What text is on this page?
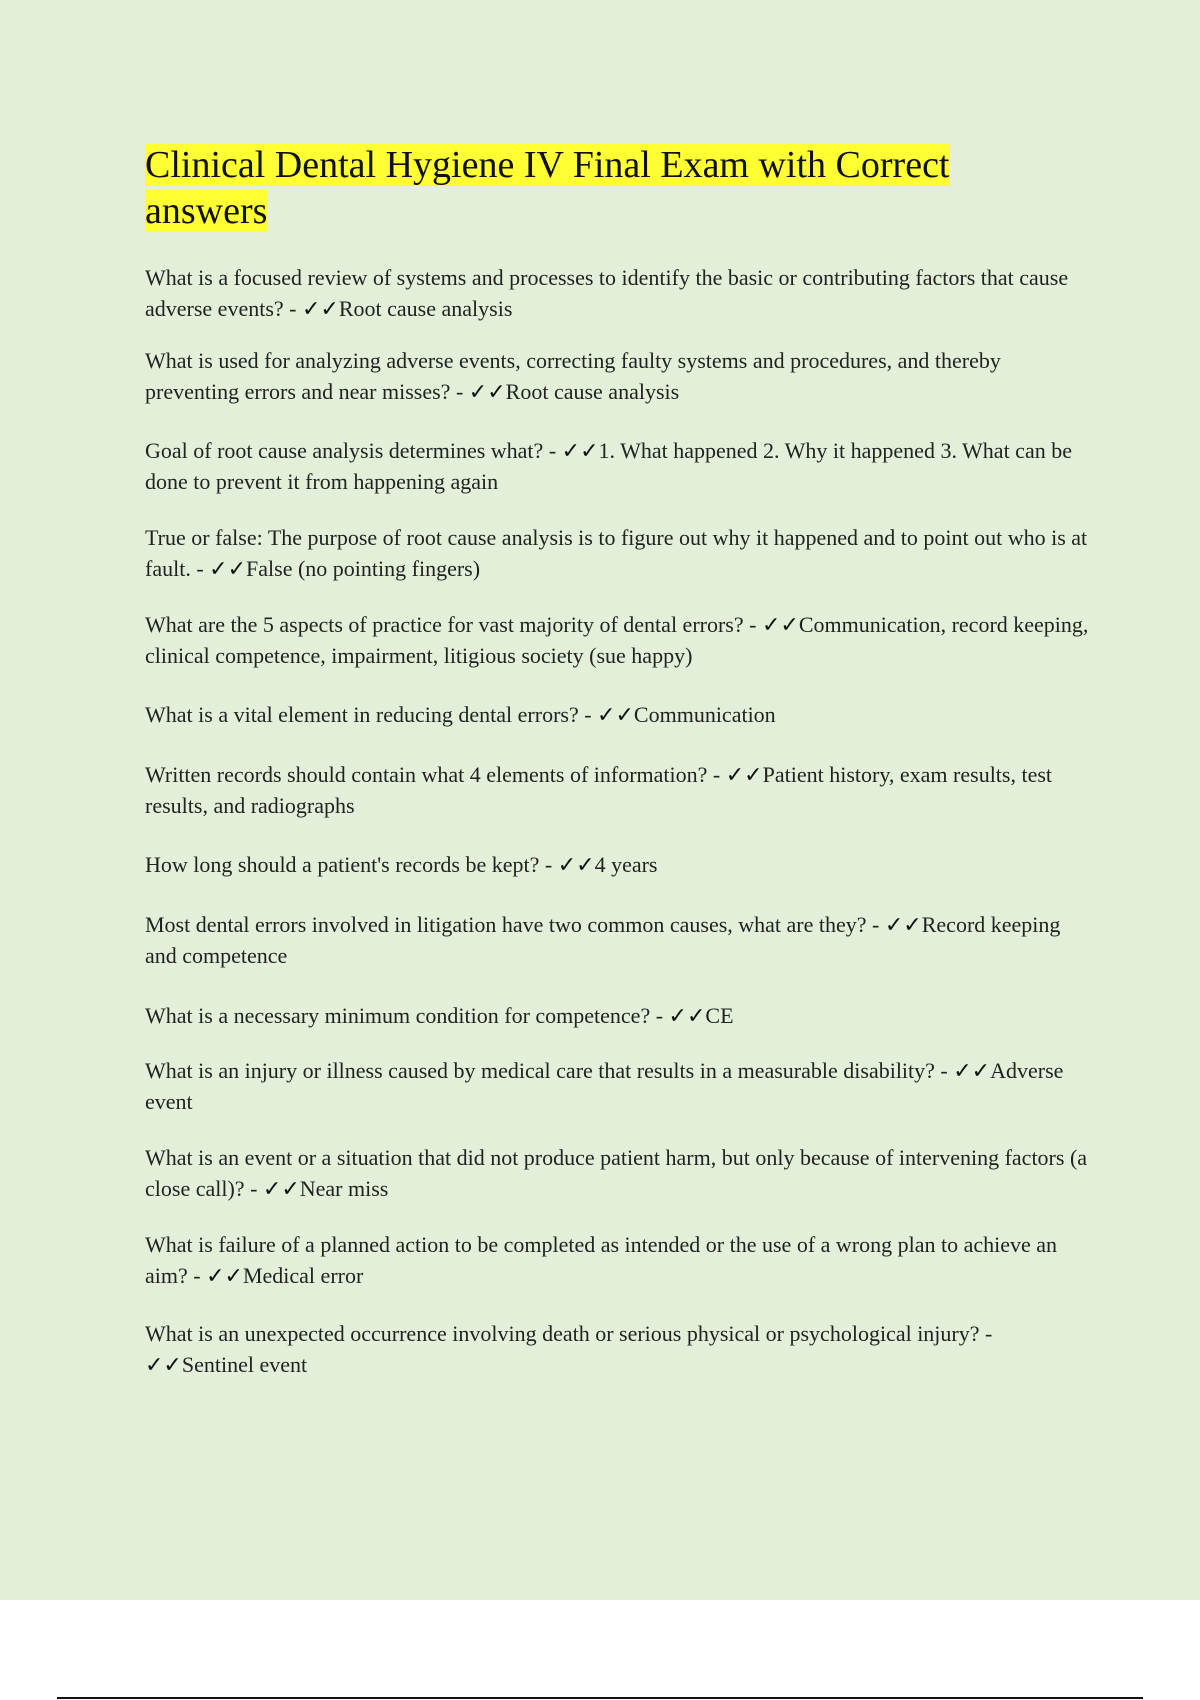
Clinical Dental Hygiene IV Final Exam with Correct answers

What is a focused review of systems and processes to identify the basic or contributing factors that cause adverse events? - ✓✓Root cause analysis

What is used for analyzing adverse events, correcting faulty systems and procedures, and thereby preventing errors and near misses? - ✓✓Root cause analysis

Goal of root cause analysis determines what? - ✓✓1. What happened 2. Why it happened 3. What can be done to prevent it from happening again

True or false: The purpose of root cause analysis is to figure out why it happened and to point out who is at fault. - ✓✓False (no pointing fingers)

What are the 5 aspects of practice for vast majority of dental errors? - ✓✓Communication, record keeping, clinical competence, impairment, litigious society (sue happy)

What is a vital element in reducing dental errors? - ✓✓Communication

Written records should contain what 4 elements of information? - ✓✓Patient history, exam results, test results, and radiographs

How long should a patient's records be kept? - ✓✓4 years

Most dental errors involved in litigation have two common causes, what are they? - ✓✓Record keeping and competence

What is a necessary minimum condition for competence? - ✓✓CE

What is an injury or illness caused by medical care that results in a measurable disability? - ✓✓Adverse event

What is an event or a situation that did not produce patient harm, but only because of intervening factors (a close call)? - ✓✓Near miss

What is failure of a planned action to be completed as intended or the use of a wrong plan to achieve an aim? - ✓✓Medical error

What is an unexpected occurrence involving death or serious physical or psychological injury? - ✓✓Sentinel event
